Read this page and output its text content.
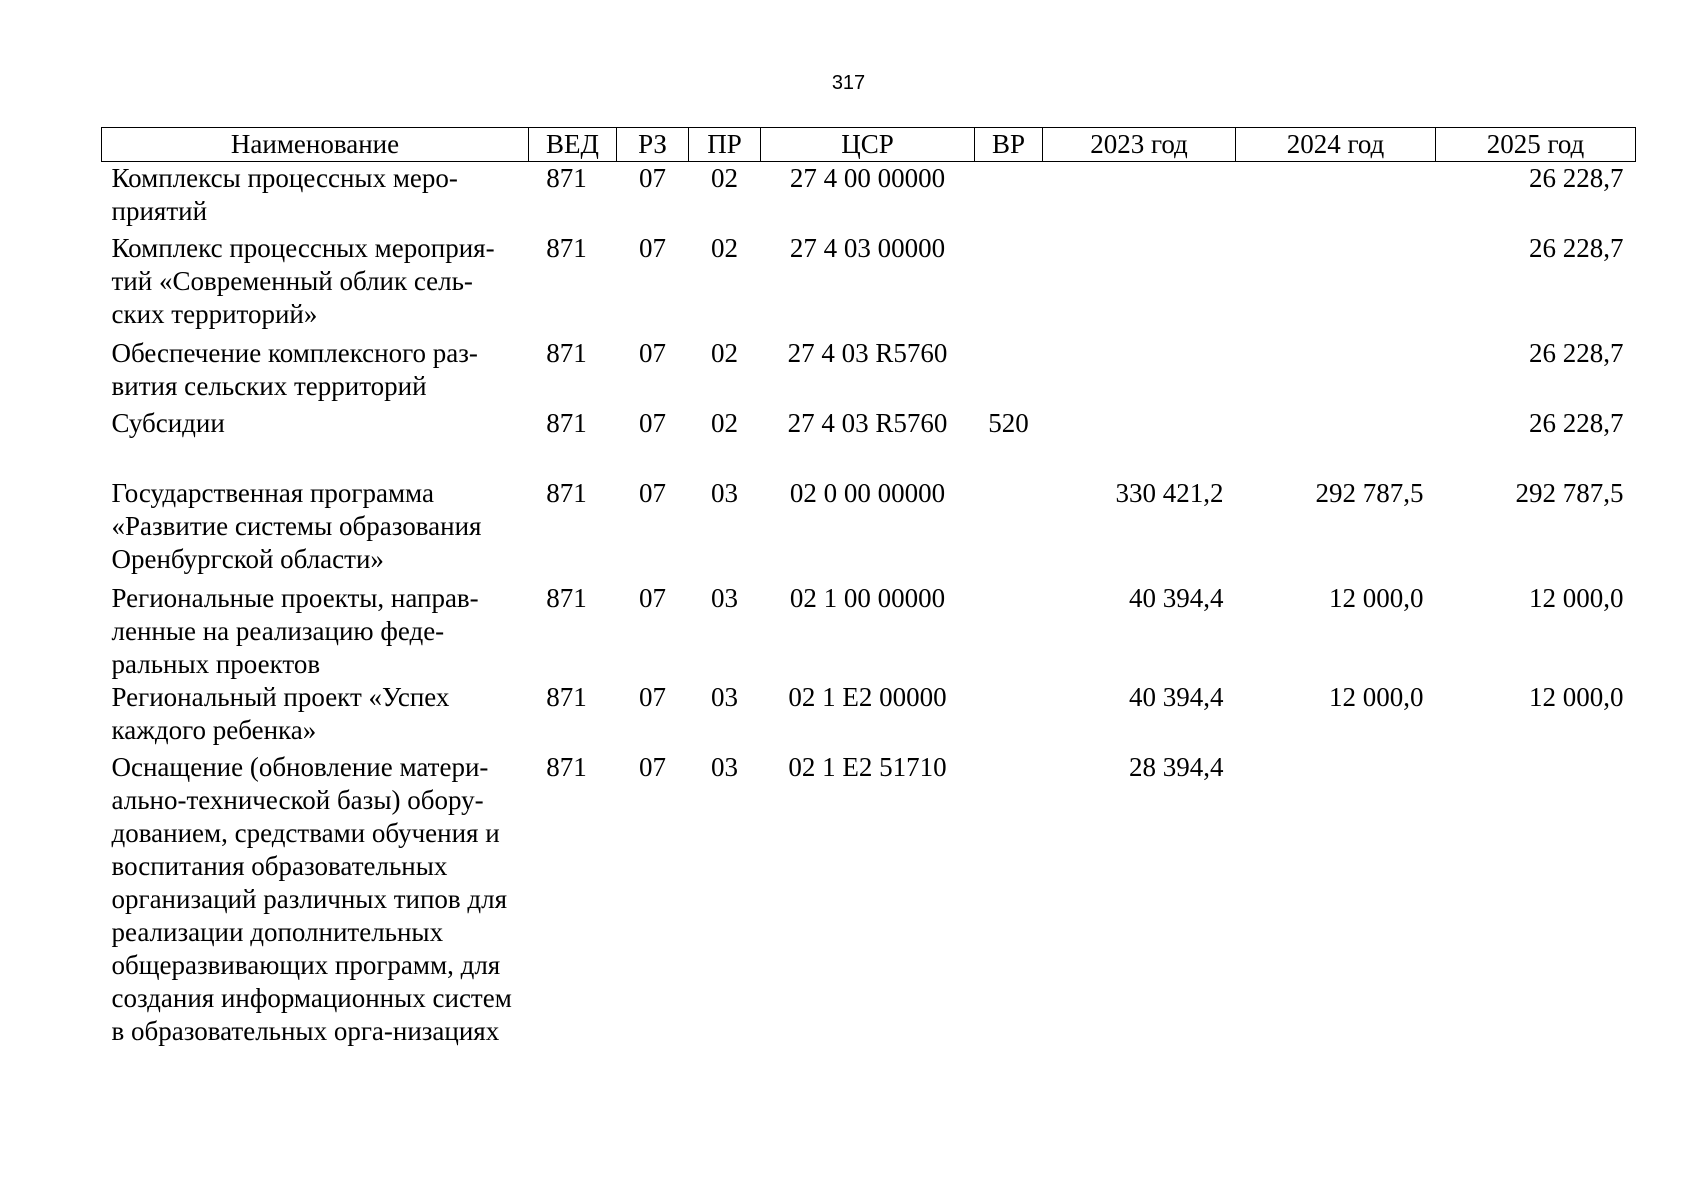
317
Наименование	ВЕД	РЗ	ПР	ЦСР	ВР	2023 год	2024 год	2025 год
Комплексы процессных меро-приятий	871	07	02	27 4 00 00000				26 228,7
Комплекс процессных мероприя-тий «Современный облик сель-ских территорий»	871	07	02	27 4 03 00000				26 228,7
Обеспечение комплексного раз-вития сельских территорий	871	07	02	27 4 03 R5760				26 228,7
Субсидии	871	07	02	27 4 03 R5760	520			26 228,7
Государственная программа «Развитие системы образования Оренбургской области»	871	07	03	02 0 00 00000		330 421,2	292 787,5	292 787,5
Региональные проекты, направ-ленные на реализацию феде-ральных проектов	871	07	03	02 1 00 00000		40 394,4	12 000,0	12 000,0
Региональный проект «Успех каждого ребенка»	871	07	03	02 1 E2 00000		40 394,4	12 000,0	12 000,0
Оснащение (обновление матери-ально-технической базы) обору-дованием, средствами обучения и воспитания образовательных организаций различных типов для реализации дополнительных общеразвивающих программ, для создания информационных систем в образовательных орга-низациях	871	07	03	02 1 E2 51710		28 394,4		
